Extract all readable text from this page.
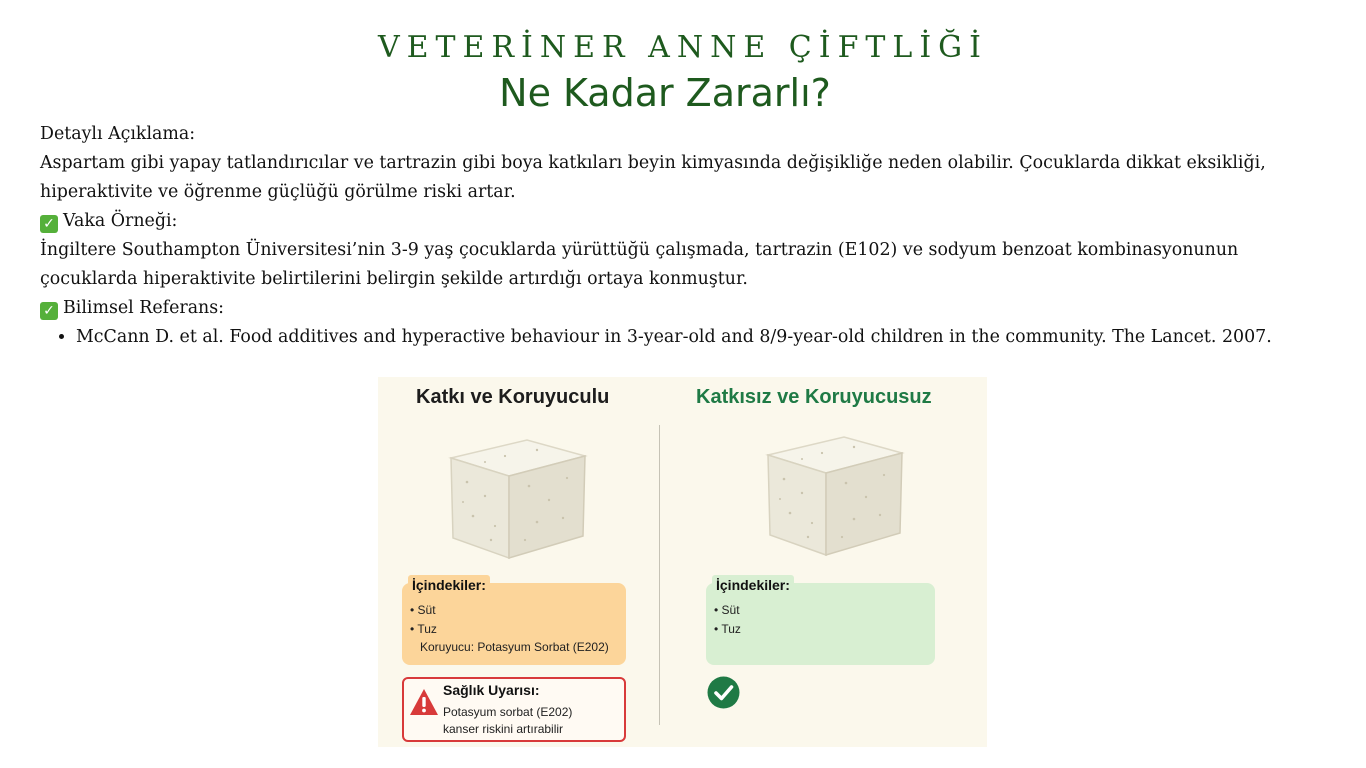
VETERİNER ANNE ÇİFTLİĞİ
Ne Kadar Zararlı?

Detaylı Açıklama:

Aspartam gibi yapay tatlandırıcılar ve tartrazin gibi boya katkıları beyin kimyasında değişikliğe neden olabilir. Çocuklarda dikkat eksikliği, hiperaktivite ve öğrenme güçlüğü görülme riski artar.

✓ Vaka Örneği:

İngiltere Southampton Üniversitesi’nin 3-9 yaş çocuklarda yürüttüğü çalışmada, tartrazin (E102) ve sodyum benzoat kombinasyonunun çocuklarda hiperaktivite belirtilerini belirgin şekilde artırdığı ortaya konmuştur.

✓ Bilimsel Referans:

• McCann D. et al. Food additives and hyperactive behaviour in 3-year-old and 8/9-year-old children in the community. The Lancet. 2007.
Katkı ve Koruyuculu	Katkısız ve Koruyucusuz
İçindekiler:
• Süt
• Tuz
Koruyucu: Potasyum Sorbat (E202)
İçindekiler:
• Süt
• Tuz
Sağlık Uyarısı:
Potasyum sorbat (E202)
kanser riskini artırabilir
